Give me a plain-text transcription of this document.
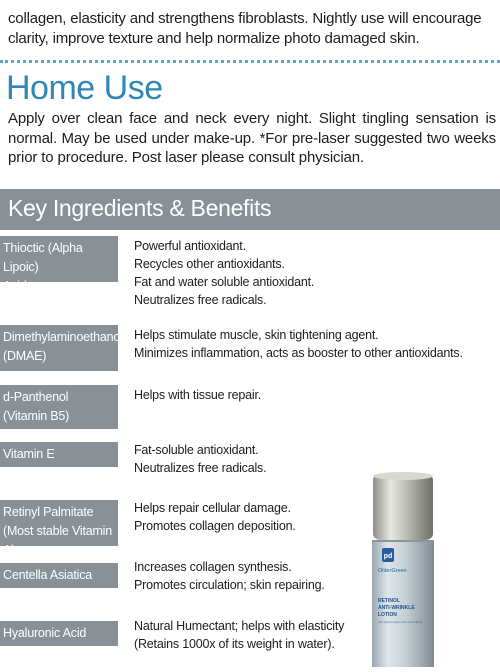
collagen, elasticity and strengthens fibroblasts. Nightly use will encourage
clarity, improve texture and help normalize photo damaged skin.
Home Use
Apply over clean face and neck every night. Slight tingling sensation is normal. May be used under make-up. *For pre-laser suggested two weeks prior to procedure. Post laser please consult physician.
Key Ingredients & Benefits
Thioctic (Alpha Lipoic)
Acid
Powerful antioxidant.
Recycles other antioxidants.
Fat and water soluble antioxidant.
Neutralizes free radicals.
Dimethylaminoethanol
(DMAE)
Helps stimulate muscle, skin tightening agent.
Minimizes inflammation, acts as booster to other antioxidants.
d-Panthenol
(Vitamin B5)
Helps with tissue repair.
Vitamin E	Fat-soluble antioxidant.
Neutralizes free radicals.
Retinyl Palmitate
(Most stable Vitamin A)
Helps repair cellular damage.
Promotes collagen deposition.
Centella Asiatica
Increases collagen synthesis.
Promotes circulation; skin repairing.
Hyaluronic Acid	Natural Humectant; helps with elasticity
(Retains 1000x of its weight in water).
pd
OlderGreen
RETINOL
ANTI-WRINKLE
LOTION
with Alpha Lipoic Acid and DMAE
